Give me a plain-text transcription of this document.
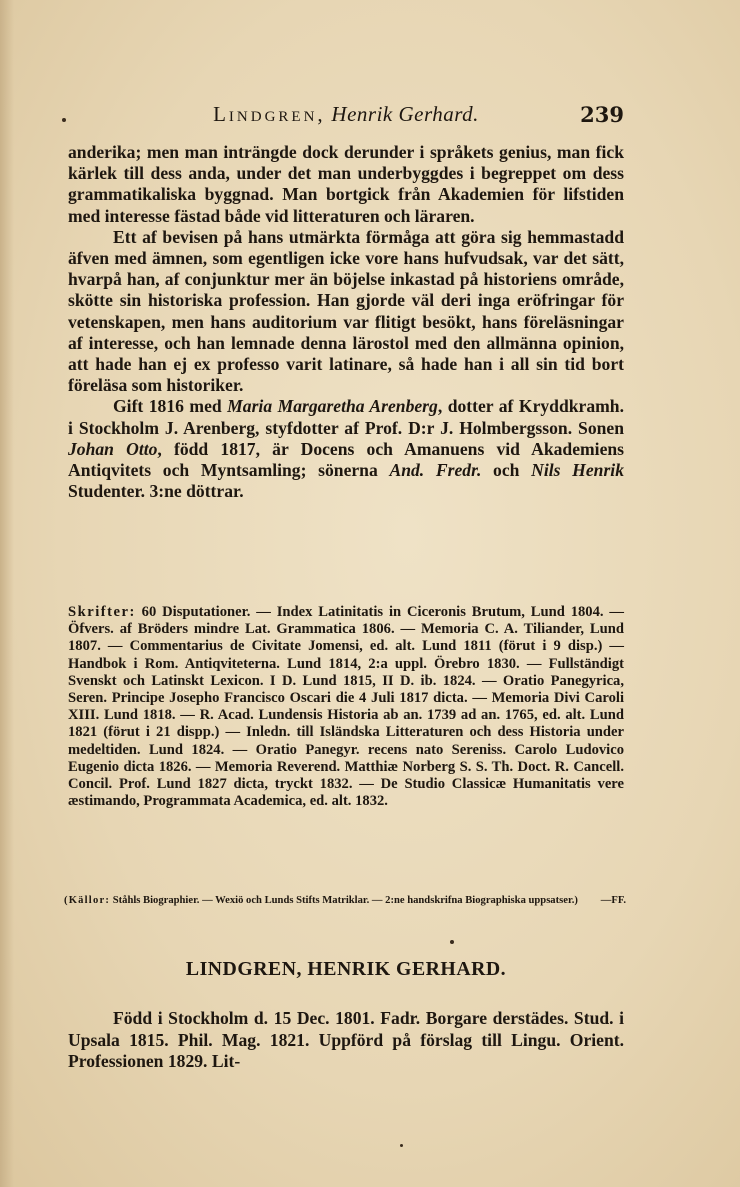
Lindgren, Henrik Gerhard.	239

anderika; men man inträngde dock derunder i språkets genius, man fick kärlek till dess anda, under det man underbyggdes i begreppet om dess grammatikaliska byggnad. Man bortgick från Akademien för lifstiden med interesse fästad både vid litteraturen och läraren.

Ett af bevisen på hans utmärkta förmåga att göra sig hemmastadd äfven med ämnen, som egentligen icke vore hans hufvudsak, var det sätt, hvarpå han, af conjunktur mer än böjelse inkastad på historiens område, skötte sin historiska profession. Han gjorde väl deri inga eröfringar för vetenskapen, men hans auditorium var flitigt besökt, hans föreläsningar af interesse, och han lemnade denna lärostol med den allmänna opinion, att hade han ej ex professo varit latinare, så hade han i all sin tid bort föreläsa som historiker.

Gift 1816 med Maria Margaretha Arenberg, dotter af Kryddkramh. i Stockholm J. Arenberg, styfdotter af Prof. D:r J. Holmbergsson. Sonen Johan Otto, född 1817, är Docens och Amanuens vid Akademiens Antiqvitets och Myntsamling; sönerna And. Fredr. och Nils Henrik Studenter. 3:ne döttrar.

Skrifter: 60 Disputationer. — Index Latinitatis in Ciceronis Brutum, Lund 1804. — Öfvers. af Bröders mindre Lat. Grammatica 1806. — Memoria C. A. Tiliander, Lund 1807. — Commentarius de Civitate Jomensi, ed. alt. Lund 1811 (förut i 9 disp.) — Handbok i Rom. Antiqviteterna. Lund 1814, 2:a uppl. Örebro 1830. — Fullständigt Svenskt och Latinskt Lexicon. I D. Lund 1815, II D. ib. 1824. — Oratio Panegyrica, Seren. Principe Josepho Francisco Oscari die 4 Juli 1817 dicta. — Memoria Divi Caroli XIII. Lund 1818. — R. Acad. Lundensis Historia ab an. 1739 ad an. 1765, ed. alt. Lund 1821 (förut i 21 dispp.) — Inledn. till Isländska Litteraturen och dess Historia under medeltiden. Lund 1824. — Oratio Panegyr. recens nato Sereniss. Carolo Ludovico Eugenio dicta 1826. — Memoria Reverend. Matthiæ Norberg S. S. Th. Doct. R. Cancell. Concil. Prof. Lund 1827 dicta, tryckt 1832. — De Studio Classicæ Humanitatis vere æstimando, Programmata Academica, ed. alt. 1832.
(Källor: Ståhls Biographier. — Wexiö och Lunds Stifts Matriklar. — 2:ne handskrifna Biographiska uppsatser.) —FF.
LINDGREN, HENRIK GERHARD.
Född i Stockholm d. 15 Dec. 1801. Fadr. Borgare derstädes. Stud. i Upsala 1815. Phil. Mag. 1821. Uppförd på förslag till Lingu. Orient. Professionen 1829. Lit-
